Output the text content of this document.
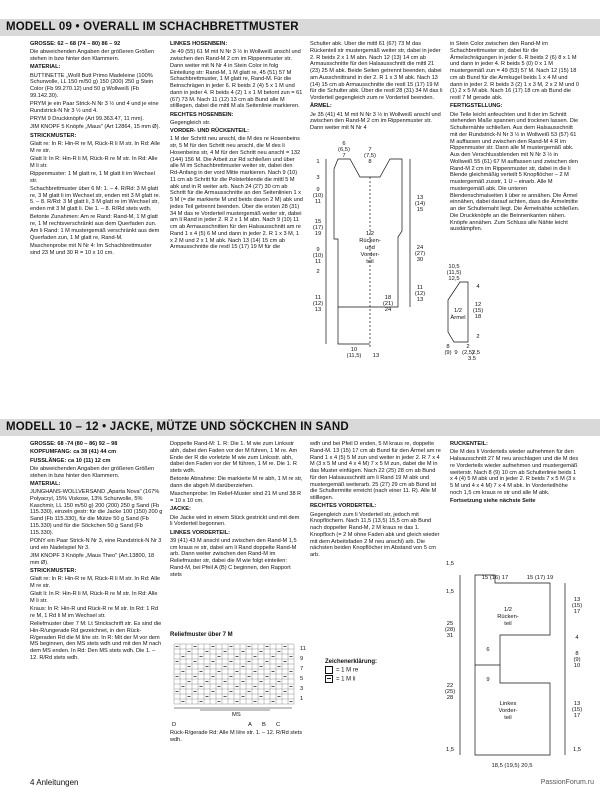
MODELL 09 • OVERALL IM SCHACHBRETTMUSTER

GRÖSSE: 62 – 68 (74 – 80) 86 – 92

Die abweichenden Angaben der größeren Größen stehen in bzw hinter den Klammern.

MATERIAL:

BUTTINETTE „Wolll Butt Primo Madeleine (100% Schurwolle, LL 150 m/50 g) 150 (200) 250 g Stein Color (Fb 99.270.12) und 50 g Wollweiß (Fb 99.142.30).

PRYM je ein Paar Strick-N Nr 3 ½ und 4 und je eine Rundstrick-N Nr 3 ½ und 4.

PRYM 9 Druckknöpfe (Art 99.363.47, 11 mm).

JIM KNOPF 5 Knöpfe „Maus" (Art 12864, 15 mm Ø).

STRICKMUSTER:

Glatt re: In R: Hin-R re M, Rück-R li M str. In Rd: Alle M re str.

Glatt li: In R: Hin-R li M, Rück-R re M str. In Rd: Alle M li str.

Rippenmuster: 1 M glatt re, 1 M glatt li im Wechsel str.

Schachbrettmuster über 6 M: 1. – 4. R/Rd: 3 M glatt re, 3 M glatt li im Wechsel str, enden mit 3 M glatt re. 5. – 8. R/Rd: 3 M glatt li, 3 M glatt re im Wechsel str, enden mit 3 M glatt li. Die 1. – 8. R/Rd stets wdh.

Betonte Zunahmen: Am re Rand: Rand-M, 1 M glatt re, 1 M rechtsverschränkt aus dem Querfaden zun. Am li Rand: 1 M mustergemäß verschränkt aus dem Querfaden zun, 1 M glatt re, Rand-M.

Maschenprobe mit N Nr 4: Im Schachbrettmuster sind 23 M und 30 R = 10 x 10 cm.

LINKES HOSENBEIN:

Je 49 (55) 61 M mit N Nr 3 ½ in Wollweiß anschl und zwischen den Rand-M 2 cm im Rippenmuster str. Dann weiter mit N Nr 4 in Stein Color in folg Einteilung str: Rand-M, 1 M glatt re, 45 (51) 57 M Schachbrettmuster, 1 M glatt re, Rand-M. Für die Beinschrägen in jeder 6. R beids 2 (4) 5 x 1 M und dann in jeder 4. R beids 4 (2) 1 x 1 M betont zun = 61 (67) 73 M. Nach 11 (12) 13 cm ab Bund alle M stilllegen, dabei die mittl M als Seitenlinie markieren.

RECHTES HOSENBEIN:

Gegengleich str.

VORDER- UND RÜCKENTEIL:

1 M der Schritt neu anschl, die M des re Hosenbeins str, 5 M für den Schritt neu anschl, die M des li Hosenbeins str, 4 M für den Schritt neu anschl = 132 (144) 156 M. Die Arbeit zur Rd schließen und über alle M im Schachbrettmuster weiter str, dabei den Rd-Anfang in der vord Mitte markieren. Nach 9 (10) 11 cm ab Schritt für die Polsterblende die mittl 5 M abk und in R weiter arb. Nach 24 (27) 30 cm ab Schritt für die Armausschnitte an den Seitenlinien 1 x 5 M (= die markierte M und beids davon 2 M) abk und jedes Teil getrennt beenden. Über die ersten 28 (31) 34 M das re Vorderteil mustergemäß weiter str, dabei am li Rand in jeder 2. R 2 x 1 M abn. Nach 9 (10) 11 cm ab Armausschnitten für den Halsausschnitt am re Rand 1 x 4 (5) 6 M und dann in jeder 2. R 1 x 3 M, 1 x 2 M und 2 x 1 M abk. Nach 13 (14) 15 cm ab Armausschnitte die restl 15 (17) 19 M für die

Schulter abk. Über die mittl 61 (67) 73 M das Rückenteil str mustergemäß weiter str, dabei in jeder 2. R beids 2 x 1 M abn. Nach 12 (13) 14 cm ab Armausschnitte für den Halsausschnitt die mittl 21 (23) 25 M abk. Beide Seiten getrennt beenden, dabei am Ausschnittrand in der 2. R 1 x 3 M abk. Nach 13 (14) 15 cm ab Armausschnitte die restl 15 (17) 19 M für die Schulter abk. Über die restl 28 (31) 34 M das li Vorderteil gegengleich zum re Vorderteil beenden.

ÄRMEL:

Je 35 (41) 41 M mit N Nr 3 ½ in Wollweiß anschl und zwischen den Rand-M 2 cm im Rippenmuster str. Dann weiter mit N Nr 4

in Stein Color zwischen den Rand-M im Schachbrettmuster str, dabei für die Ärmelschrägungen in jeder 6. R beids 2 (6) 8 x 1 M und dann in jeder 4. R beids 5 (0) 0 x 1 M mustergemäß zun = 49 (53) 57 M. Nach 12 (15) 18 cm ab Bund für die Armkugel beids 1 x 4 M und dann in jeder 2. R beids 3 (2) 1 x 3 M, 2 x 2 M und 0 (1) 2 x 5 M abk. Nach 16 (17) 18 cm ab Bund die restl 7 M gerade abk.

FERTIGSTELLUNG:

Die Teile leicht anfeuchten und It der im Schnitt stehenden Maße spannen und trocknen lassen. Die Schulternähte schließen. Aus dem Halsausschnitt mit der Rundstrick-N Nr 3 ½ in Wollweiß 53 (57) 61 M auffassen und zwischen den Rand-M 4 R im Rippenmuster str. Dann alle M mustergemäß abk. Aus den Verschlussblenden mit N Nr 3 ½ in Wollweiß 55 (61) 67 M auffassen und zwischen den Rand-M 2 cm im Rippenmuster str, dabei in die li Blende gleichmäßig verteilt 5 Knopflöcher – 2 M mustergemäß zusstr, 1 U – einarb. Alle M mustergemäß abk. Die unteren Blendenschmalseiten li über re annähen. Die Ärmel einnähen, dabei darauf achten, dass die Ärmelmitte an der Schulternaht liegt. Die Ärmelnähte schließen. Die Druckknöpfe an die Beinnenkanten nähen. Knöpfe annähen. Zum Schluss alle Nähte leicht ausdämpfen.

6
(6,5)
7
7
(7,5)
8
1
3
9
(10)
11
15
(17)
19
9
(10)
11
2
11
(12)
13
1/2
Rücken-
und
Vorder-
teil
13
(14)
15
24
(27)
30
11
(12)
13
18
(21)
24
10
(11,5) 13
10,5
(11,5)
12,5
1/2
Ärmel
4
12
(15)
18
2
8
(9) 9
2
(2,5)
2,5
3,5
MODELL 10 – 12 • JACKE, MÜTZE UND SÖCKCHEN IN SAND

GRÖSSE: 68 -74 (80 – 86) 92 – 98

KOPFUMFANG: ca 38 (41) 44 cm

FUSSLÄNGE: ca 10 (11) 12 cm

Die abweichenden Angaben der größeren Größen stehen in bzw hinter den Klammern.

MATERIAL:

JUNGHANS-WOLLVERSAND „Aparta Nova" (167% Polyacryl, 15% Viskose, 13% Schurwolle, 5% Kaschmir, LL 150 m/50 g) 200 (200) 250 g Sand (Fb 115.330), einzeln gestr: für die Jacke 100 (150) 200 g Sand (Fb 115.330), für die Mütze 50 g Sand (Fb 115.330) und für die Söckchen 50 g Sand (Fb 115.330).

PONY ein Paar Strick-N Nr 3, eine Rundstrick-N Nr 3 und ein Nadelspiel Nr 3.

JIM KNOPF 3 Knöpfe „Maus Theo" (Art.13800, 18 mm Ø).

STRICKMUSTER:

Glatt re: In R: Hin-R re M, Rück-R li M str. In Rd: Alle M re str.

Glatt li: In R: Hin-R li M, Rück-R re M str. In Rd: Alle M li str.

Kraus: In R: Hin-R und Rück-R re M str. In Rd: 1 Rd re M, 1 Rd li M im Wechsel str.

Reliefmuster über 7 M: Lt Strickschrift str. Es sind die Hin-R/ungerade Rd gezeichnet, in den Rück-R/geraden Rd die M li/re str. In R: Mit der M vor dem MS beginnen, den MS stets wdh und mit den M nach dem MS enden. In Rd: Den MS stets wdh. Die 1. – 12. R/Rd stets wdh.

Doppelte Rand-M: 1. R: Die 1. M wie zum Linksstr abh, dabei den Faden vor der M führen, 1 M re. Am Ende der R die vorletzte M wie zum Linksstr. abh, dabei den Faden vor der M führen, 1 M re. Die 1. R stets wdh.

Betonte Abnahme: Die markierte M re abh, 1 M re str, dann die abgeh M darüberziehen.

Maschenprobe: Im Relief-Muster sind 21 M und 38 R = 10 x 10 cm.

JACKE:

Die Jacke wird in einem Stück gestrickt und mit dem li Vorderteil begonnen.

LINKES VORDERTEIL:

39 (41) 43 M anschl und zwischen den Rand-M 1,5 cm kraus re str, dabei am li Rand doppelte Rand-M arb. Dann weiter zwischen den Rand-M im Reliefmuster str, dabei die M wie folgt einteilen: Rand-M, bei Pfeil A (B) C beginnen, den Rapport stets

wdh und bei Pfeil D enden, 5 M kraus re, doppelte Rand-M. 13 (15) 17 cm ab Bund für den Ärmel am re Rand 1 x 4 (5) 5 M zun und weiter in jeder 2. R 7 x 4 M (3 x 5 M und 4 x 4 M) 7 x 5 M zun, dabei die M in das Muster einfügen. Nach 22 (25) 28 cm ab Bund für den Halsausschnitt am li Rand 19 M abk und mustergemäß weiterarb. 25 (27) 29 cm ab Bund ist die Schultermitte erreicht (nach einer 11. R). Alle M stilllegen.

RECHTES VORDERTEIL:

Gegengleich zum li Vorderteil str, jedoch mit Knopflöchern. Nach 11,5 (13,5) 15,5 cm ab Bund nach doppelter Rand-M, 2 M kraus re das 1. Knopfloch (= 2 M ohne Faden abk und gleich wieder mit dem Arbeitsfaden 2 M neu anschl) arb. Die nächsten beiden Knopflöcher im Abstand von 5 cm arb.

RÜCKENTEIL:

Die M des li Vorderteils wieder aufnehmen für den Halsausschnitt 27 M neu anschlagen und die M des re Vorderteils wieder aufnehmen und mustergemäß weiterstr. Nach 8 (9) 10 cm ab Schulterlinie beids 1 x 4 (4) 5 M abk und in jeder 2. R beids 7 x 5 M (3 x 5 M und 4 x 4 M) 7 x 4 M abk. In Vorderteilhöhe noch 1,5 cm kraus re str und alle M abk.

Fortsetzung siehe nächste Seite

Reliefmuster über 7 M
11
9
7
5
3
1
MS
D	A B C
Rück-R/gerade Rd: Alle M li/re str. 1. – 12. R/Rd stets wdh.
Zeichenerklärung:
= 1 M re
= 1 M li
1,5
15 (16) 17	15 (17) 19
1/2
Rücken-
teil
Linkes
Vorder-
teil
1,5
25
(28)
31
22
(25)
28
1,5
6
9
13
(15)
17
4
8
(9)
10
13
(15)
17
1,5
18,5 (19,5) 20,5
4 Anleitungen	PassionForum.ru
